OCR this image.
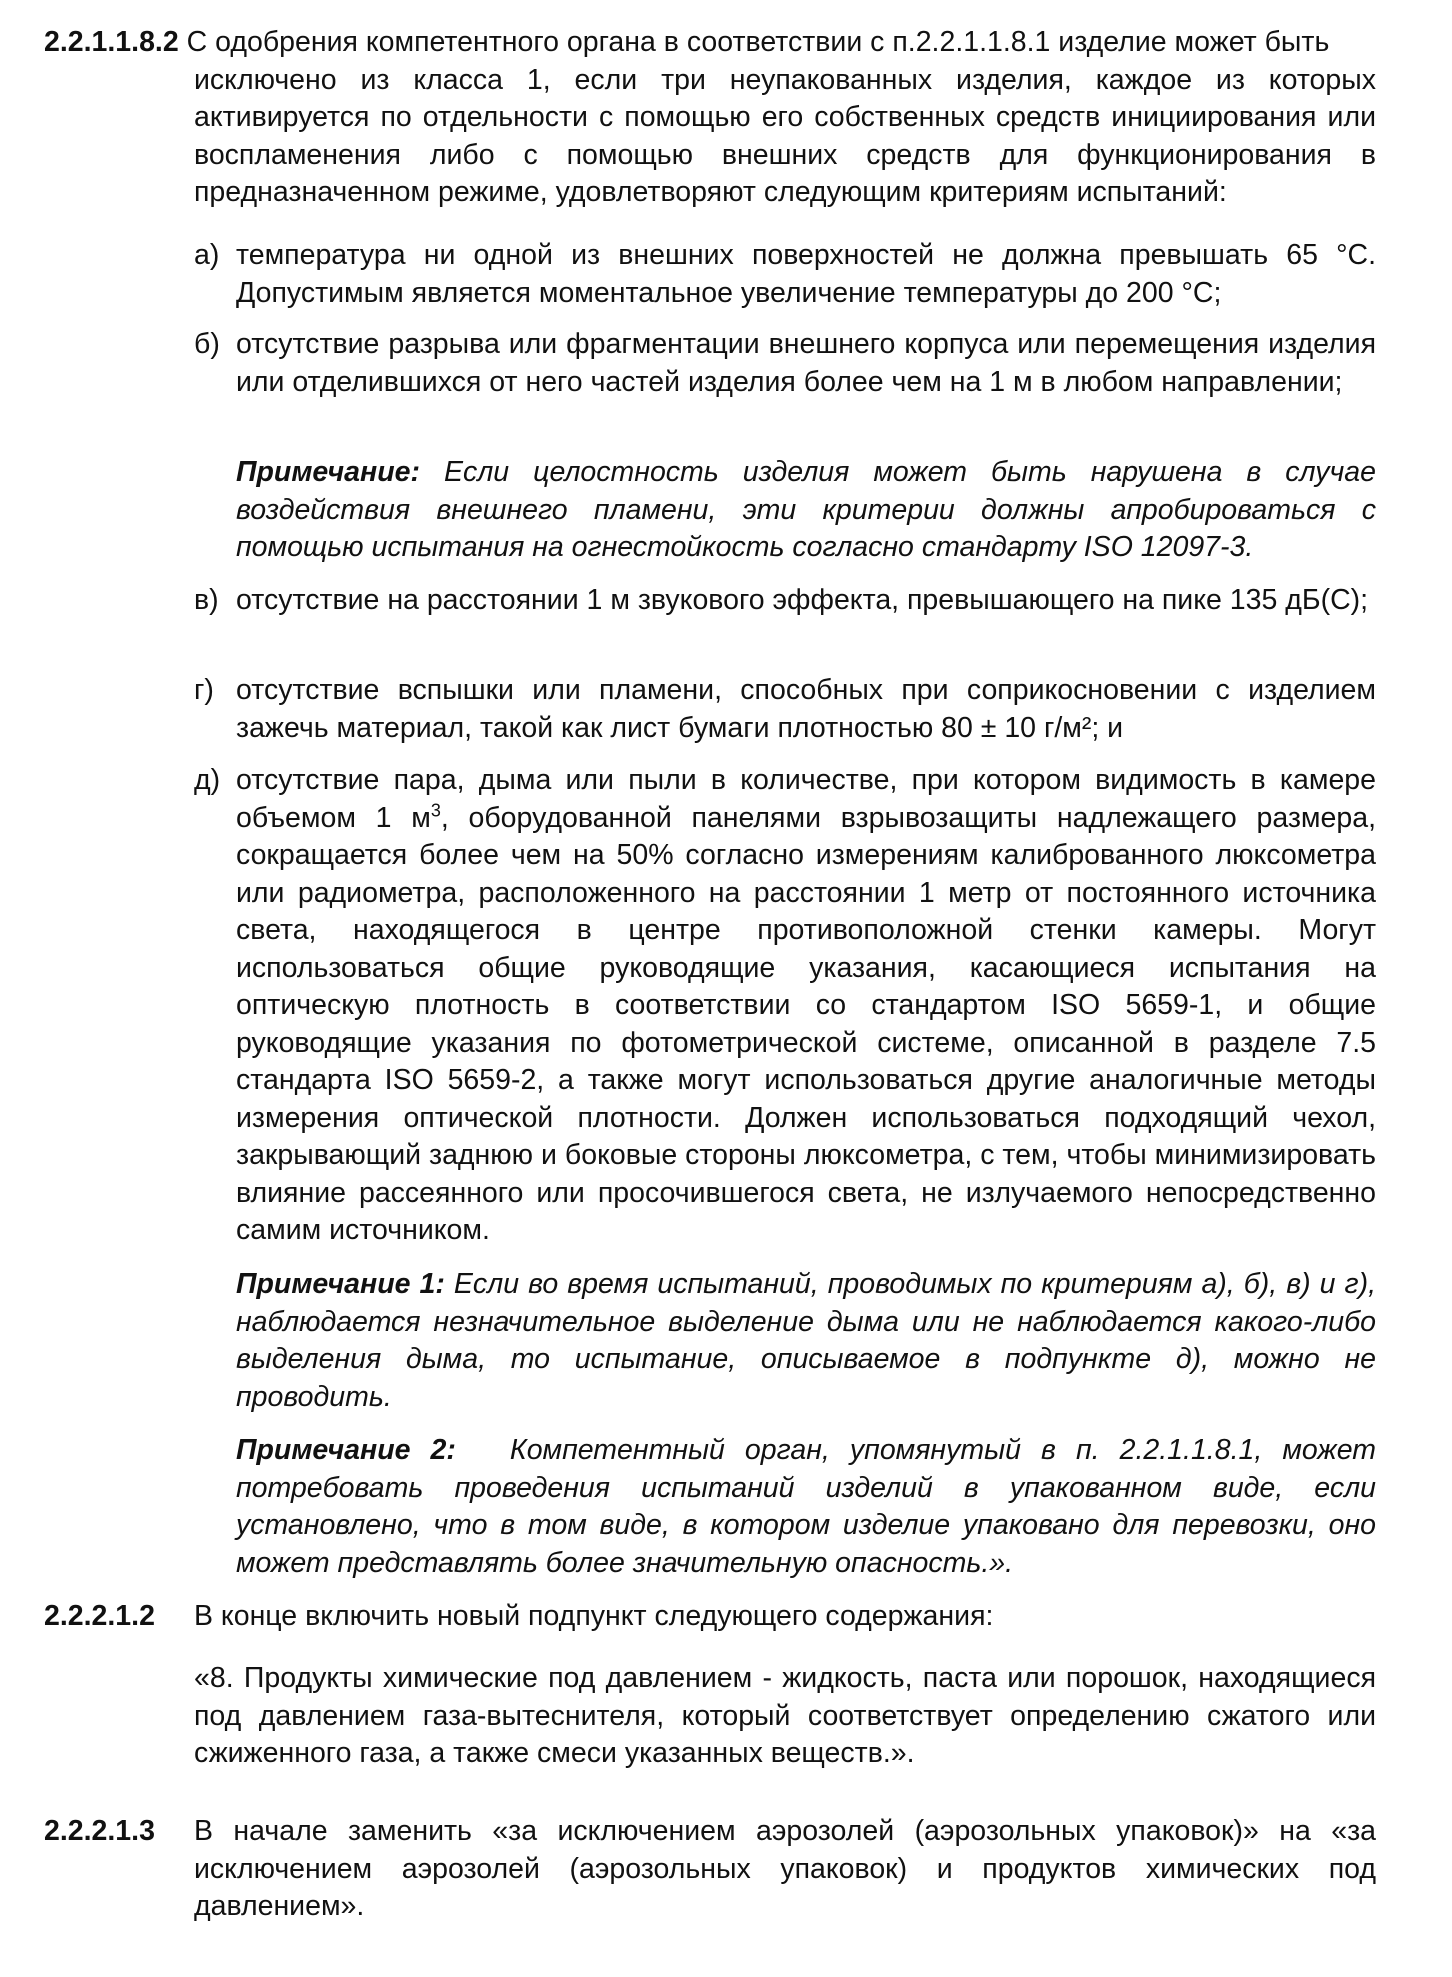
2.2.1.1.8.2 С одобрения компетентного органа в соответствии с п.2.2.1.1.8.1 изделие может быть
исключено из класса 1, если три неупакованных изделия, каждое из которых активируется по отдельности с помощью его собственных средств инициирования или воспламенения либо с помощью внешних средств для функционирования в предназначенном режиме, удовлетворяют следующим критериям испытаний:
а) температура ни одной из внешних поверхностей не должна превышать 65 °C. Допустимым является моментальное увеличение температуры до 200 °C;
б) отсутствие разрыва или фрагментации внешнего корпуса или перемещения изделия или отделившихся от него частей изделия более чем на 1 м в любом направлении;
Примечание: Если целостность изделия может быть нарушена в случае воздействия внешнего пламени, эти критерии должны апробироваться с помощью испытания на огнестойкость согласно стандарту ISO 12097-3.
в) отсутствие на расстоянии 1 м звукового эффекта, превышающего на пике 135 дБ(С);
г) отсутствие вспышки или пламени, способных при соприкосновении с изделием зажечь материал, такой как лист бумаги плотностью 80 ± 10 г/м²; и
д) отсутствие пара, дыма или пыли в количестве, при котором видимость в камере объемом 1 $м^3$, оборудованной панелями взрывозащиты надлежащего размера, сокращается более чем на 50% согласно измерениям калиброванного люксометра или радиометра, расположенного на расстоянии 1 метр от постоянного источника света, находящегося в центре противоположной стенки камеры. Могут использоваться общие руководящие указания, касающиеся испытания на оптическую плотность в соответствии со стандартом ISO 5659-1, и общие руководящие указания по фотометрической системе, описанной в разделе 7.5 стандарта ISO 5659-2, а также могут использоваться другие аналогичные методы измерения оптической плотности. Должен использоваться подходящий чехол, закрывающий заднюю и боковые стороны люксометра, с тем, чтобы минимизировать влияние рассеянного или просочившегося света, не излучаемого непосредственно самим источником.
Примечание 1: Если во время испытаний, проводимых по критериям а), б), в) и г), наблюдается незначительное выделение дыма или не наблюдается какого-либо выделения дыма, то испытание, описываемое в подпункте д), можно не проводить.
Примечание 2: Компетентный орган, упомянутый в п. 2.2.1.1.8.1, может потребовать проведения испытаний изделий в упакованном виде, если установлено, что в том виде, в котором изделие упаковано для перевозки, оно может представлять более значительную опасность.».
2.2.2.1.2 В конце включить новый подпункт следующего содержания:
«8. Продукты химические под давлением - жидкость, паста или порошок, находящиеся под давлением газа-вытеснителя, который соответствует определению сжатого или сжиженного газа, а также смеси указанных веществ.».
2.2.2.1.3 В начале заменить «за исключением аэрозолей (аэрозольных упаковок)» на «за исключением аэрозолей (аэрозольных упаковок) и продуктов химических под давлением».
